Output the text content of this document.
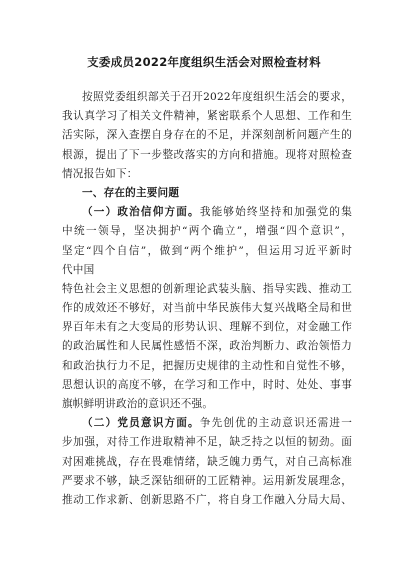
支委成员2022年度组织生活会对照检查材料
按照党委组织部关于召开2022年度组织生活会的要求，
我认真学习了相关文件精神，紧密联系个人思想、工作和生
活实际，深入查摆自身存在的不足，并深刻剖析问题产生的
根源，提出了下一步整改落实的方向和措施。现将对照检查
情况报告如下：
一、存在的主要问题
（一）政治信仰方面。我能够始终坚持和加强党的集
中统一领导，坚决拥护“两个确立”，增强“四个意识”，
坚定“四个自信”，做到“两个维护”，但运用习近平新时
代中国
特色社会主义思想的创新理论武装头脑、指导实践、推动工
作的成效还不够好，对当前中华民族伟大复兴战略全局和世
界百年未有之大变局的形势认识、理解不到位，对金融工作
的政治属性和人民属性感悟不深，政治判断力、政治领悟力
和政治执行力不足，把握历史规律的主动性和自觉性不够，
思想认识的高度不够，在学习和工作中，时时、处处、事事
旗帜鲜明讲政治的意识还不强。
（二）党员意识方面。争先创优的主动意识还需进一
步加强，对待工作进取精神不足，缺乏持之以恒的韧劲。面
对困难挑战，存在畏难情绪，缺乏魄力勇气，对自己高标准
严要求不够，缺乏深钻细研的工匠精神。运用新发展理念，
推动工作求新、创新思路不广，将自身工作融入分局大局、
